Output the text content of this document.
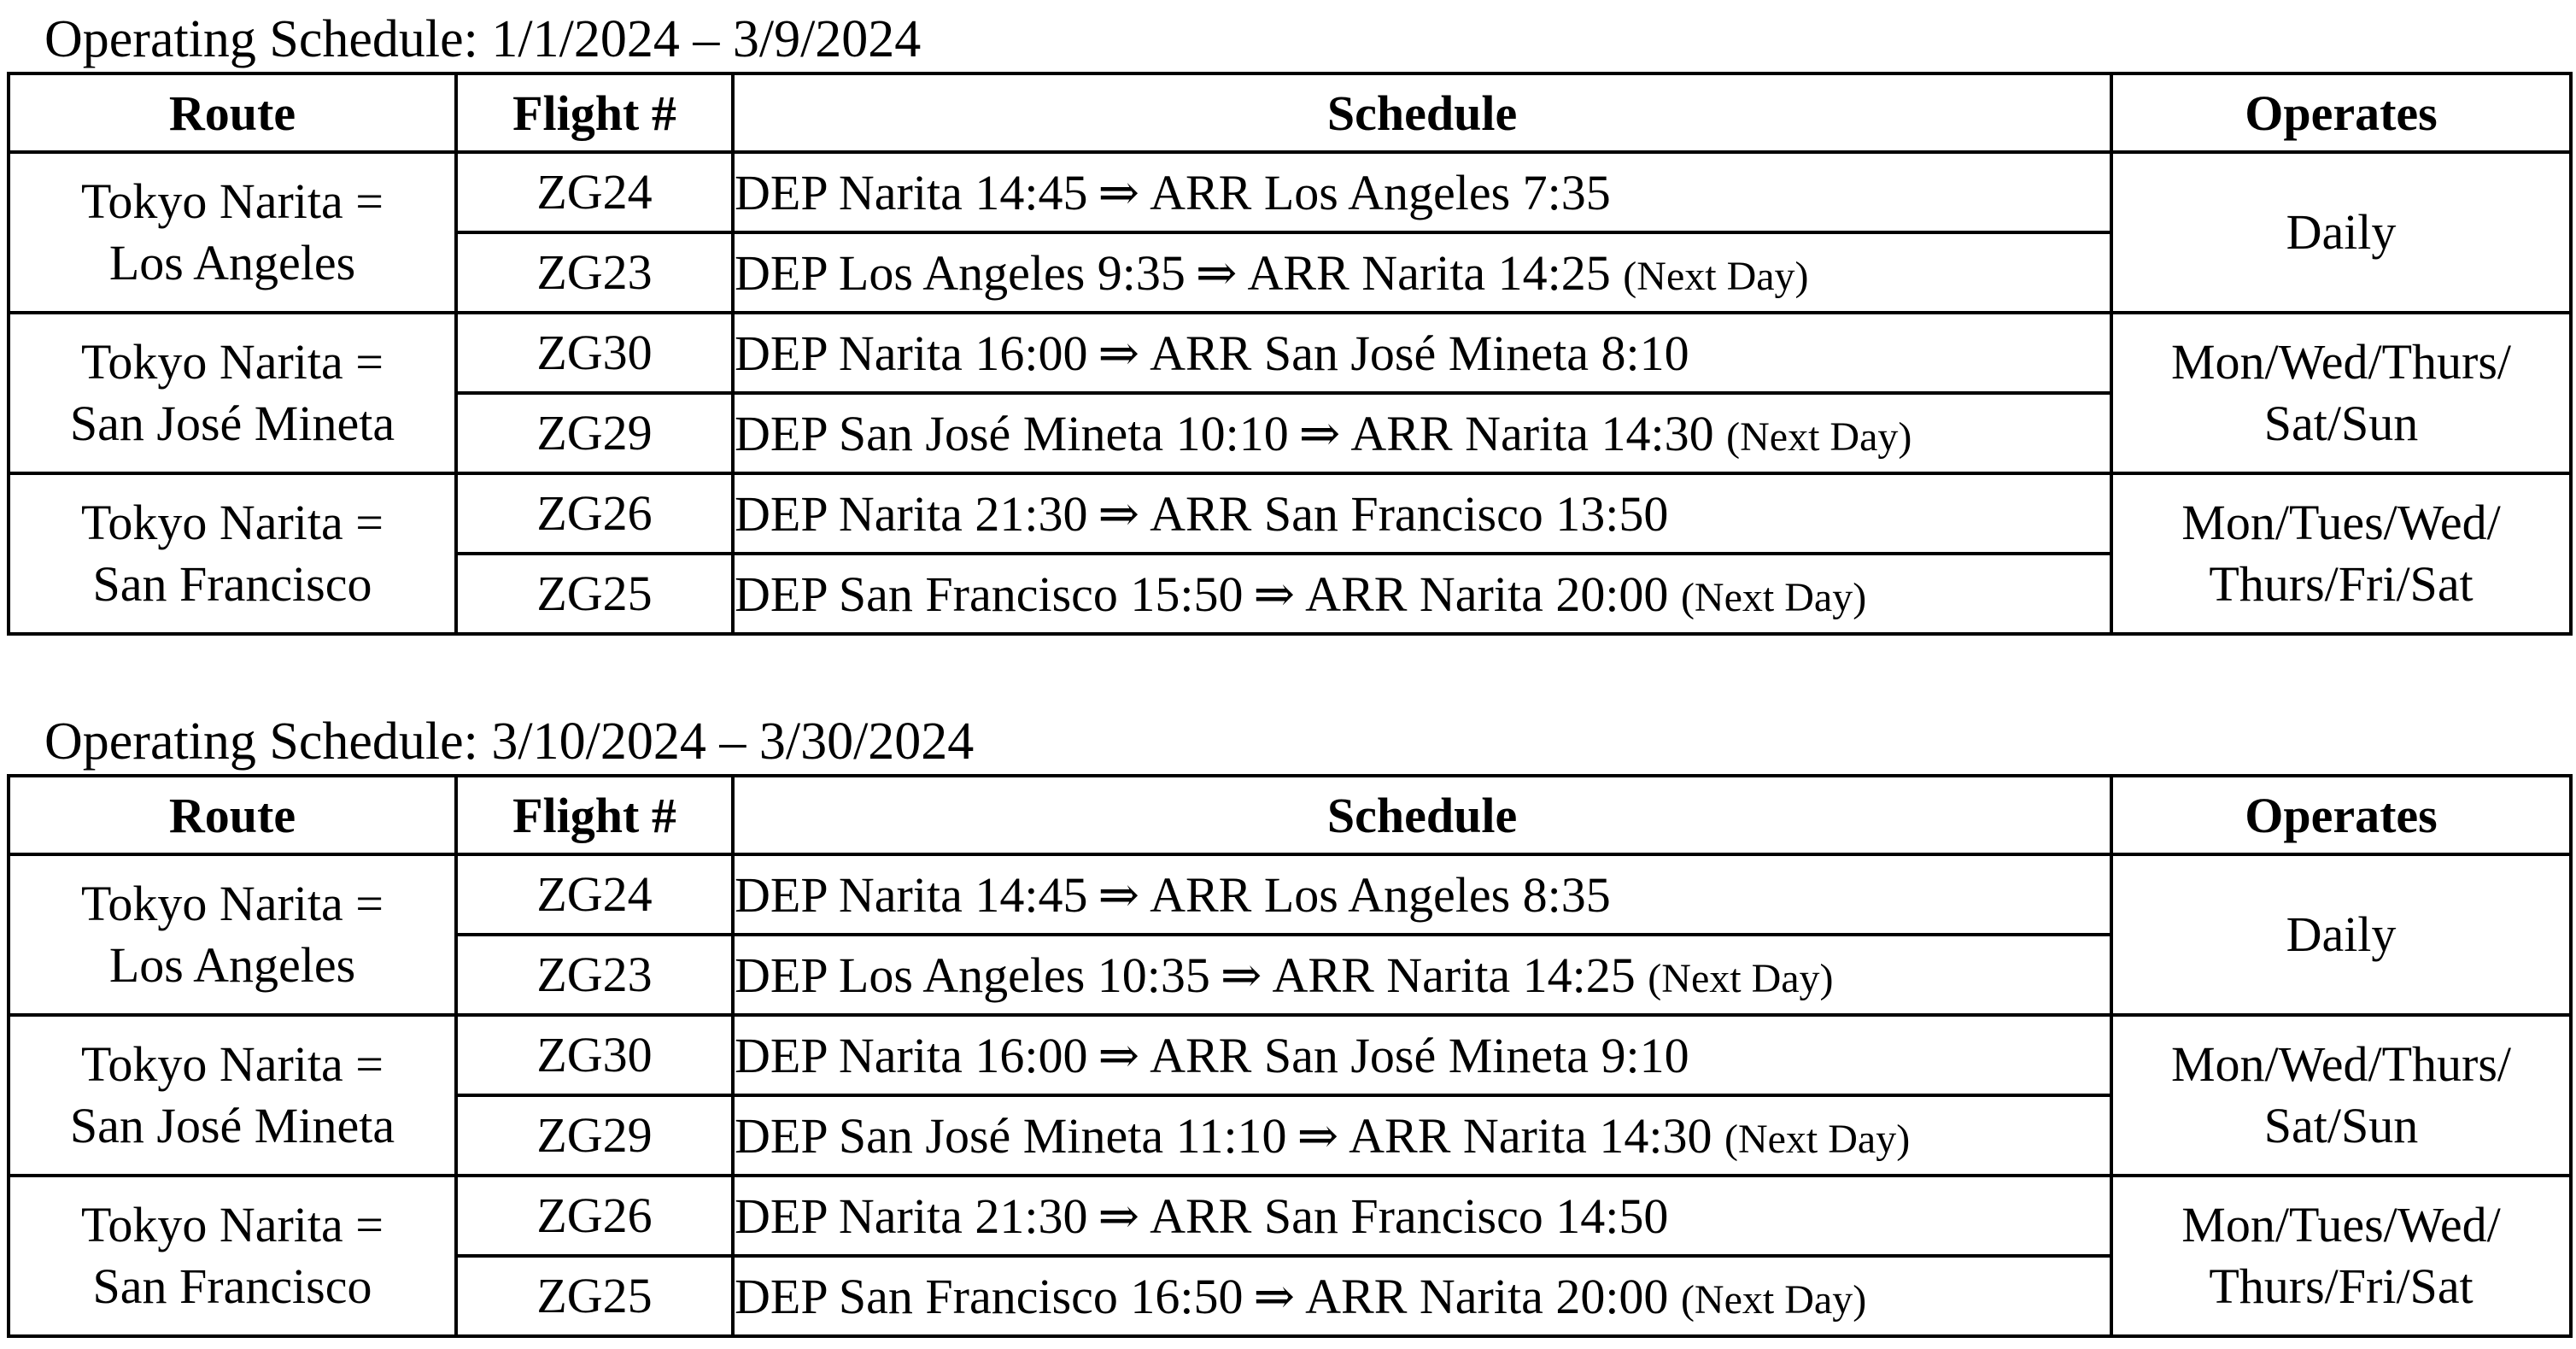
Operating Schedule: 1/1/2024 – 3/9/2024
Route	Flight #	Schedule	Operates

Tokyo Narita =
Los Angeles	ZG24	DEP Narita 14:45 ⇒ ARR Los Angeles 7:35	Daily

	ZG23	DEP Los Angeles 9:35 ⇒ ARR Narita 14:25 (Next Day)	

Tokyo Narita =
San José Mineta	ZG30	DEP Narita 16:00 ⇒ ARR San José Mineta 8:10	Mon/Wed/Thurs/
Sat/Sun

	ZG29	DEP San José Mineta 10:10 ⇒ ARR Narita 14:30 (Next Day)	

Tokyo Narita =
San Francisco	ZG26	DEP Narita 21:30 ⇒ ARR San Francisco 13:50	Mon/Tues/Wed/
Thurs/Fri/Sat

	ZG25	DEP San Francisco 15:50 ⇒ ARR Narita 20:00 (Next Day)	
Operating Schedule: 3/10/2024 – 3/30/2024
Route	Flight #	Schedule	Operates

Tokyo Narita =
Los Angeles	ZG24	DEP Narita 14:45 ⇒ ARR Los Angeles 8:35	Daily

	ZG23	DEP Los Angeles 10:35 ⇒ ARR Narita 14:25 (Next Day)	

Tokyo Narita =
San José Mineta	ZG30	DEP Narita 16:00 ⇒ ARR San José Mineta 9:10	Mon/Wed/Thurs/
Sat/Sun

	ZG29	DEP San José Mineta 11:10 ⇒ ARR Narita 14:30 (Next Day)	

Tokyo Narita =
San Francisco	ZG26	DEP Narita 21:30 ⇒ ARR San Francisco 14:50	Mon/Tues/Wed/
Thurs/Fri/Sat

	ZG25	DEP San Francisco 16:50 ⇒ ARR Narita 20:00 (Next Day)	
